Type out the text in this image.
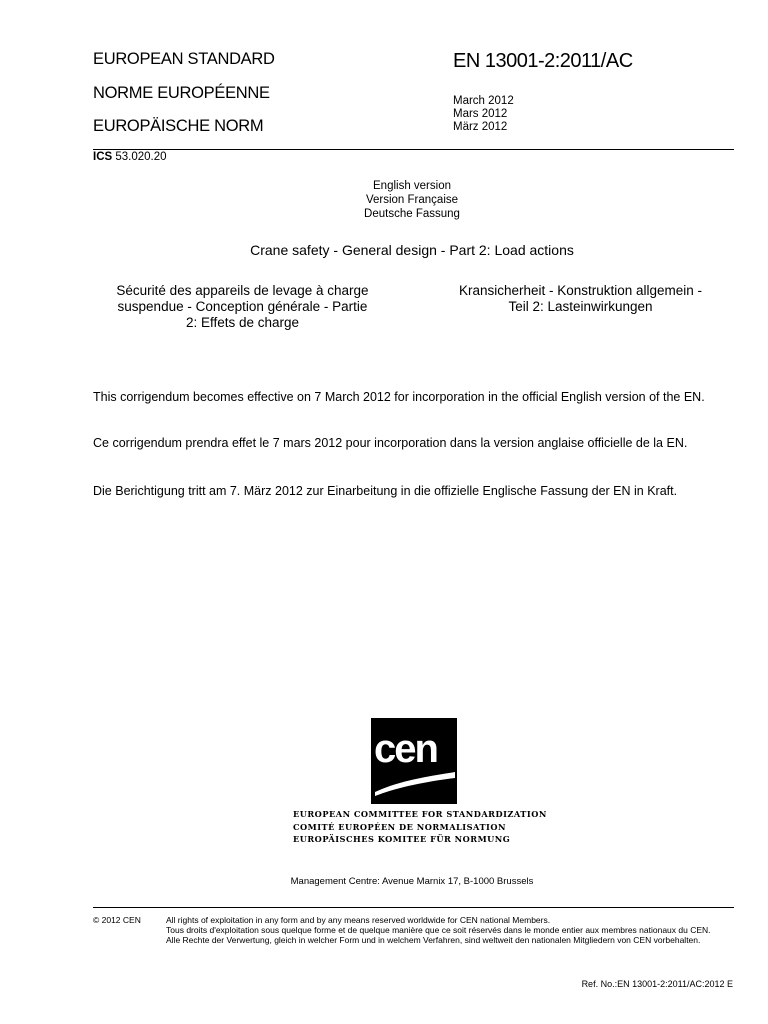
EUROPEAN STANDARD
NORME EUROPÉENNE
EUROPÄISCHE NORM
EN 13001-2:2011/AC
March 2012
Mars 2012
März 2012
ICS 53.020.20
English version
Version Française
Deutsche Fassung
Crane safety - General design - Part 2: Load actions
Sécurité des appareils de levage à charge
suspendue - Conception générale - Partie
2: Effets de charge
Kransicherheit - Konstruktion allgemein -
Teil 2: Lasteinwirkungen
This corrigendum becomes effective on 7 March 2012 for incorporation in the official English version of the EN.
Ce corrigendum prendra effet le 7 mars 2012 pour incorporation dans la version anglaise officielle de la EN.
Die Berichtigung tritt am 7. März 2012 zur Einarbeitung in die offizielle Englische Fassung der EN in Kraft.
cen
EUROPEAN COMMITTEE FOR STANDARDIZATION
COMITÉ EUROPÉEN DE NORMALISATION
EUROPÄISCHES KOMITEE FÜR NORMUNG
Management Centre: Avenue Marnix 17, B-1000 Brussels
© 2012 CEN	All rights of exploitation in any form and by any means reserved worldwide for CEN national Members.
Tous droits d'exploitation sous quelque forme et de quelque manière que ce soit réservés dans le monde entier aux membres nationaux du CEN.
Alle Rechte der Verwertung, gleich in welcher Form und in welchem Verfahren, sind weltweit den nationalen Mitgliedern von CEN vorbehalten.
Ref. No.:EN 13001-2:2011/AC:2012 E
